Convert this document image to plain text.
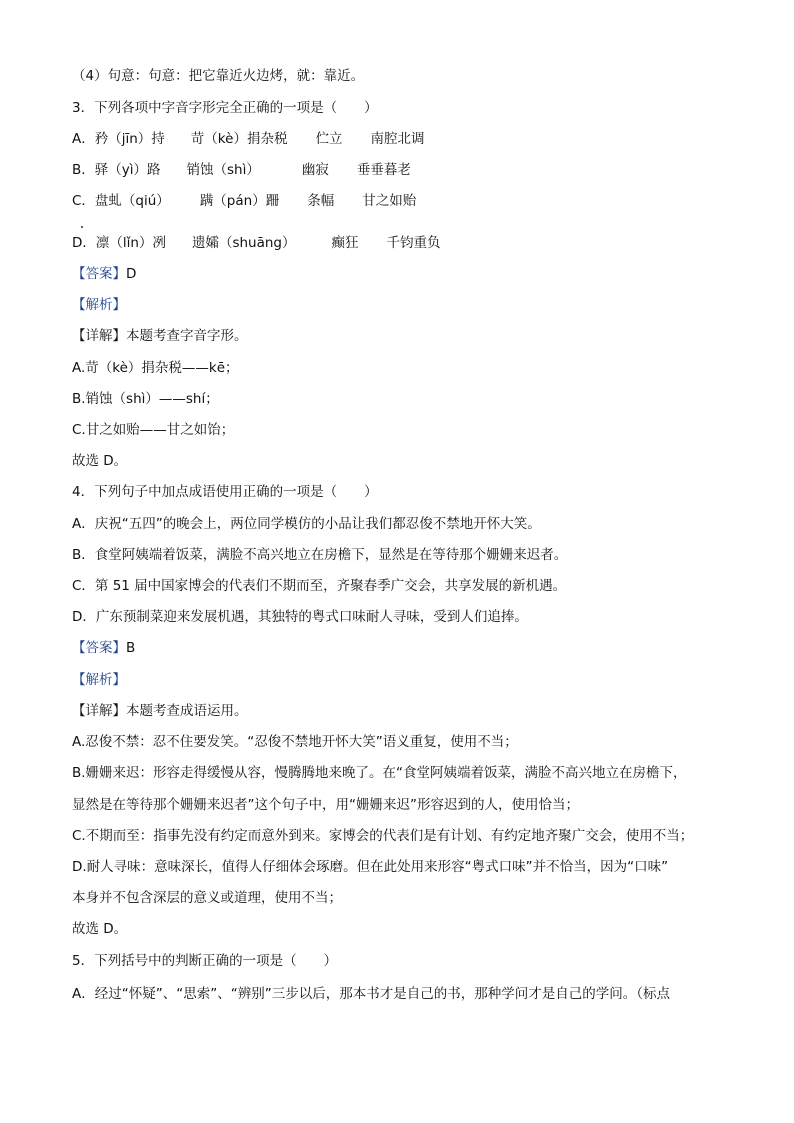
（4）句意：句意：把它靠近火边烤，就：靠近。
3．下列各项中字音字形完全正确的一项是（　　）
A．矜（jīn）持 苛（kè）捐杂税 伫立 南腔北调
B．驿（yì）路 销蚀（shì）	幽寂 垂垂暮老
C．盘虬（qiú） 蹒（pán）跚 条幅 甘之如贻
D．凛（lǐn）冽 遗孀（shuāng）	癫狂 千钧重负
【答案】D
【解析】
【详解】本题考查字音字形。
A.苛（kè）捐杂税——kē；
B.销蚀（shì）——shí；
C.甘之如贻——甘之如饴；
故选 D。
4．下列句子中加点成语使用正确的一项是（　　）
A．庆祝“五四”的晚会上，两位同学模仿的小品让我们都忍俊不禁地开怀大笑。
B．食堂阿姨端着饭菜，满脸不高兴地立在房檐下，显然是在等待那个姗姗来迟者。
C．第 51 届中国家博会的代表们不期而至，齐聚春季广交会，共享发展的新机遇。
D．广东预制菜迎来发展机遇，其独特的粤式口味耐人寻味，受到人们追捧。
【答案】B
【解析】
【详解】本题考查成语运用。
A.忍俊不禁：忍不住要发笑。“忍俊不禁地开怀大笑”语义重复，使用不当；
B.姗姗来迟：形容走得缓慢从容，慢腾腾地来晚了。在“食堂阿姨端着饭菜，满脸不高兴地立在房檐下，
显然是在等待那个姗姗来迟者”这个句子中，用“姗姗来迟”形容迟到的人，使用恰当；
C.不期而至：指事先没有约定而意外到来。家博会的代表们是有计划、有约定地齐聚广交会，使用不当；
D.耐人寻味：意味深长，值得人仔细体会琢磨。但在此处用来形容“粤式口味”并不恰当，因为“口味”
本身并不包含深层的意义或道理，使用不当；
故选 D。
5．下列括号中的判断正确的一项是（　　）
A．经过“怀疑”、“思索”、“辨别”三步以后，那本书才是自己的书，那种学问才是自己的学问。（标点
